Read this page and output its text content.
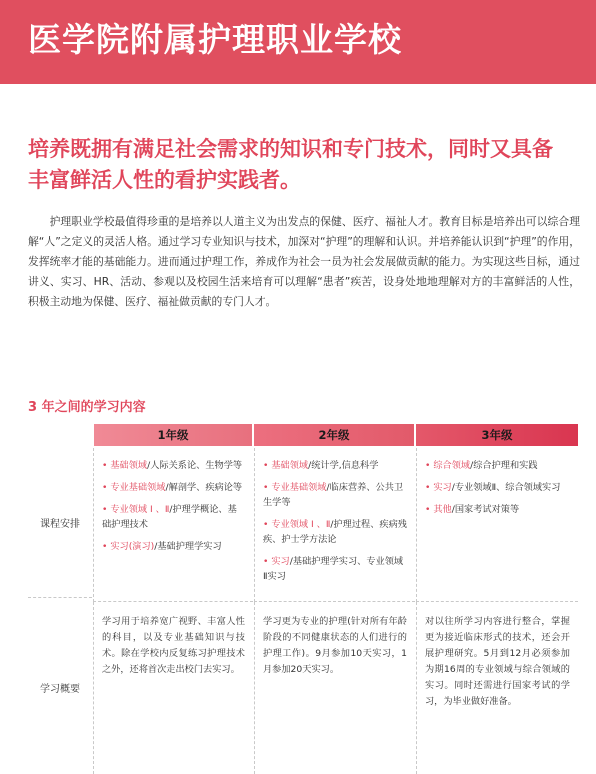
医学院附属护理职业学校
培养既拥有满足社会需求的知识和专门技术，同时又具备丰富鲜活人性的看护实践者。

护理职业学校最值得珍重的是培养以人道主义为出发点的保健、医疗、福祉人才。教育目标是培养出可以综合理解“人”之定义的灵活人格。通过学习专业知识与技术，加深对“护理”的理解和认识。并培养能认识到“护理”的作用，发挥统率才能的基础能力。进而通过护理工作，养成作为社会一员为社会发展做贡献的能力。为实现这些目标，通过讲义、实习、HR、活动、参观以及校园生活来培育可以理解“患者”疾苦，设身处地地理解对方的丰富鲜活的人性，积极主动地为保健、医疗、福祉做贡献的专门人才。

3 年之间的学习内容
1年级	2年级	3年级
课程安排
学习概要
• 基础领域/人际关系论、生物学等
• 专业基础领域/解剖学、疾病论等
• 专业领域 Ⅰ 、Ⅱ/护理学概论、基础护理技术
• 实习(演习)/基础护理学实习
• 基础领域/统计学,信息科学
• 专业基础领域/临床营养、公共卫生学等
• 专业领域 Ⅰ 、Ⅱ/护理过程、疾病残疾、护士学方法论
• 实习/基础护理学实习、专业领域Ⅱ实习
• 综合领域/综合护理和实践
• 实习/专业领域Ⅱ、综合领域实习
• 其他/国家考试对策等

学习用于培养宽广视野、丰富人性的科目，以及专业基础知识与技术。除在学校内反复练习护理技术之外，还将首次走出校门去实习。

学习更为专业的护理(针对所有年龄阶段的不同健康状态的人们进行的护理工作)。9月参加10天实习，1月参加20天实习。

对以往所学习内容进行整合，掌握更为接近临床形式的技术，还会开展护理研究。5月到12月必须参加为期16周的专业领域与综合领域的实习。同时还需进行国家考试的学习，为毕业做好准备。
